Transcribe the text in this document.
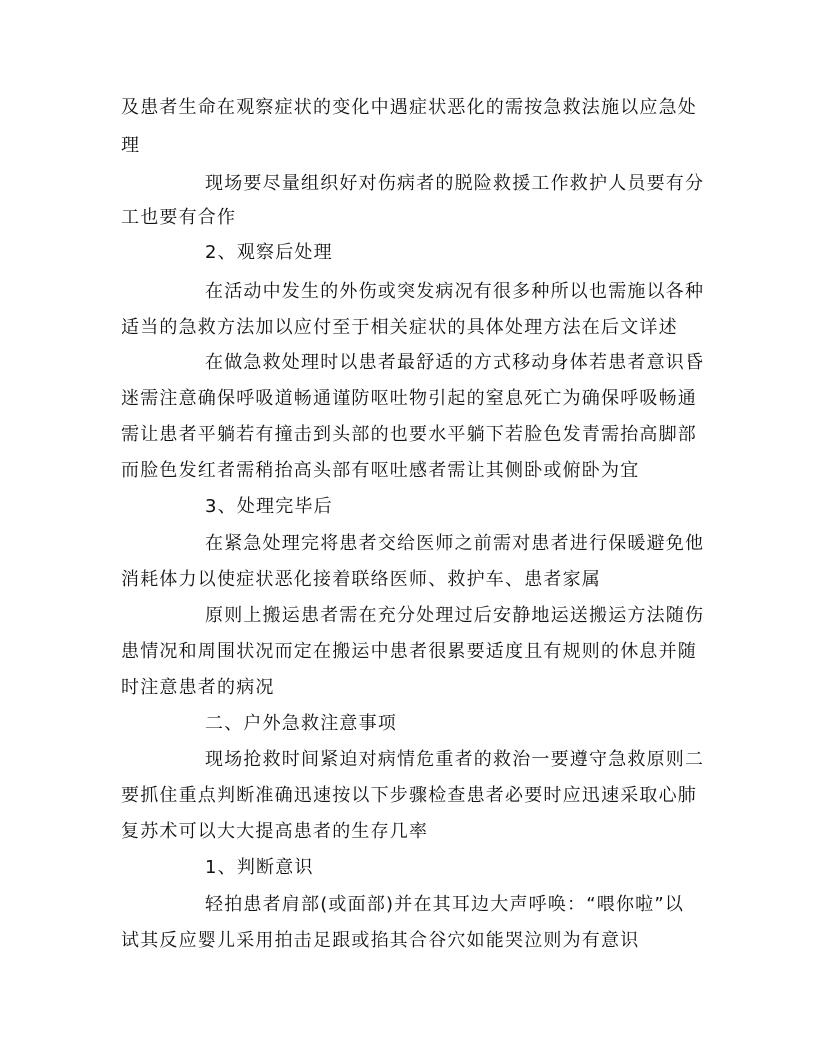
及患者生命在观察症状的变化中遇症状恶化的需按急救法施以应急处
理
现场要尽量组织好对伤病者的脱险救援工作救护人员要有分
工也要有合作
2、观察后处理
在活动中发生的外伤或突发病况有很多种所以也需施以各种
适当的急救方法加以应付至于相关症状的具体处理方法在后文详述
在做急救处理时以患者最舒适的方式移动身体若患者意识昏
迷需注意确保呼吸道畅通谨防呕吐物引起的窒息死亡为确保呼吸畅通
需让患者平躺若有撞击到头部的也要水平躺下若脸色发青需抬高脚部
而脸色发红者需稍抬高头部有呕吐感者需让其侧卧或俯卧为宜
3、处理完毕后
在紧急处理完将患者交给医师之前需对患者进行保暖避免他
消耗体力以使症状恶化接着联络医师、救护车、患者家属
原则上搬运患者需在充分处理过后安静地运送搬运方法随伤
患情况和周围状况而定在搬运中患者很累要适度且有规则的休息并随
时注意患者的病况
二、户外急救注意事项
现场抢救时间紧迫对病情危重者的救治一要遵守急救原则二
要抓住重点判断准确迅速按以下步骤检查患者必要时应迅速采取心肺
复苏术可以大大提高患者的生存几率
1、判断意识
轻拍患者肩部(或面部)并在其耳边大声呼唤：“喂你啦”以
试其反应婴儿采用拍击足跟或掐其合谷穴如能哭泣则为有意识
